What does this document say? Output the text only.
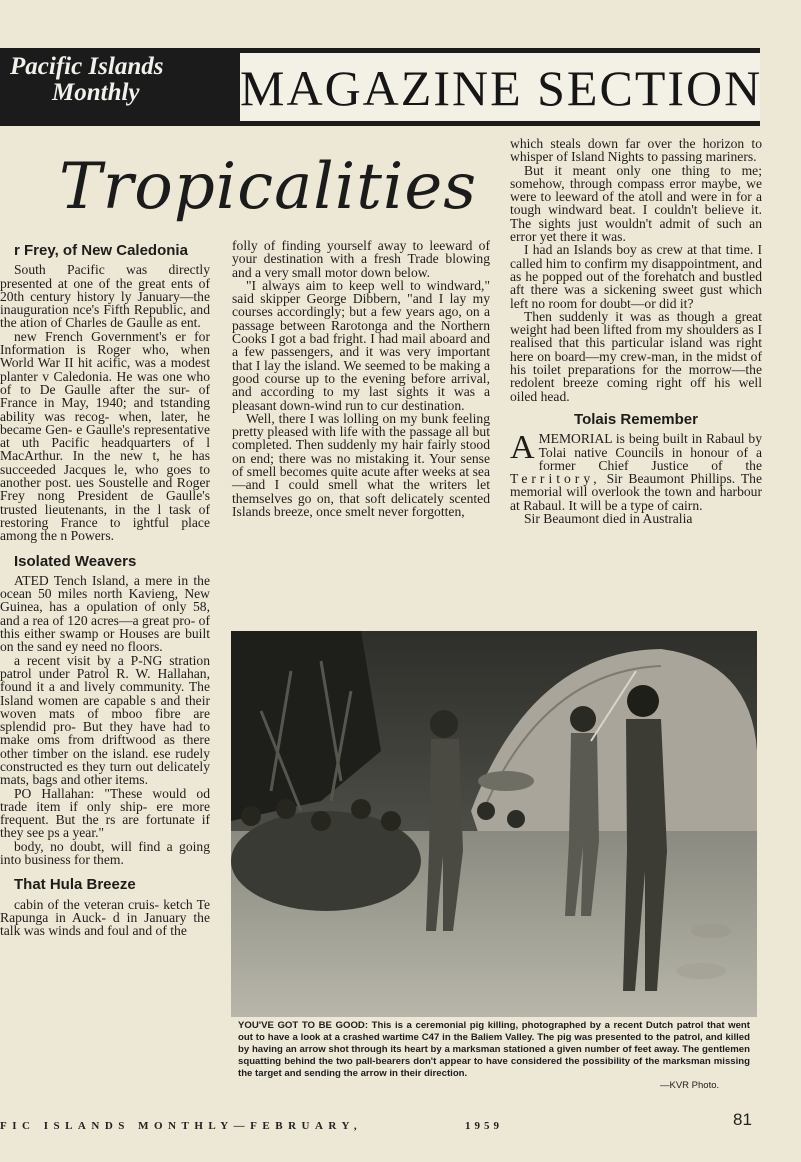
Pacific Islands
Monthly	MAGAZINE SECTION
Tropicalities

r Frey, of New Caledonia

South Pacific was directly presented at one of the great ents of 20th century history ly January—the inauguration nce's Fifth Republic, and the ation of Charles de Gaulle as ent.

new French Government's er for Information is Roger who, when World War II hit acific, was a modest planter v Caledonia. He was one who of to De Gaulle after the sur- of France in May, 1940; and tstanding ability was recog- when, later, he became Gen- e Gaulle's representative at uth Pacific headquarters of l MacArthur. In the new t, he has succeeded Jacques le, who goes to another post. ues Soustelle and Roger Frey nong President de Gaulle's trusted lieutenants, in the l task of restoring France to ightful place among the n Powers.

Isolated Weavers

ATED Tench Island, a mere in the ocean 50 miles north Kavieng, New Guinea, has a opulation of only 58, and a rea of 120 acres—a great pro- of this either swamp or Houses are built on the sand ey need no floors.

a recent visit by a P-NG stration patrol under Patrol R. W. Hallahan, found it a and lively community. The Island women are capable s and their woven mats of mboo fibre are splendid pro- But they have had to make oms from driftwood as there other timber on the island. ese rudely constructed es they turn out delicately mats, bags and other items.

PO Hallahan: "These would od trade item if only ship- ere more frequent. But the rs are fortunate if they see ps a year."

body, no doubt, will find a going into business for them.

That Hula Breeze

cabin of the veteran cruis- ketch Te Rapunga in Auck- d in January the talk was winds and foul and of the

folly of finding yourself away to leeward of your destination with a fresh Trade blowing and a very small motor down below.

"I always aim to keep well to windward," said skipper George Dibbern, "and I lay my courses accordingly; but a few years ago, on a passage between Rarotonga and the Northern Cooks I got a bad fright. I had mail aboard and a few passengers, and it was very important that I lay the island. We seemed to be making a good course up to the evening before arrival, and according to my last sights it was a pleasant down-wind run to cur destination.

Well, there I was lolling on my bunk feeling pretty pleased with life with the passage all but completed. Then suddenly my hair fairly stood on end; there was no mistaking it. Your sense of smell becomes quite acute after weeks at sea—and I could smell what the writers let themselves go on, that soft delicately scented Islands breeze, once smelt never forgotten,

which steals down far over the horizon to whisper of Island Nights to passing mariners.

But it meant only one thing to me; somehow, through compass error maybe, we were to leeward of the atoll and were in for a tough windward beat. I couldn't believe it. The sights just wouldn't admit of such an error yet there it was.

I had an Islands boy as crew at that time. I called him to confirm my disappointment, and as he popped out of the forehatch and bustled aft there was a sickening sweet gust which left no room for doubt—or did it?

Then suddenly it was as though a great weight had been lifted from my shoulders as I realised that this particular island was right here on board—my crew-man, in the midst of his toilet preparations for the morrow—the redolent breeze coming right off his well oiled head.

Tolais Remember

AMEMORIAL is being built in Rabaul by Tolai native Councils in honour of a former Chief Justice of the Territory, Sir Beaumont Phillips. The memorial will overlook the town and harbour at Rabaul. It will be a type of cairn.

Sir Beaumont died in Australia

YOU'VE GOT TO BE GOOD: This is a ceremonial pig killing, photographed by a recent Dutch patrol that went out to have a look at a crashed wartime C47 in the Baliem Valley. The pig was presented to the patrol, and killed by having an arrow shot through its heart by a marksman stationed a given number of feet away. The gentlemen squatting behind the two pall-bearers don't appear to have considered the possibility of the marksman missing the target and sending the arrow in their direction.
—KVR Photo.
FIC ISLANDS MONTHLY—FEBRUARY,	1959	81
